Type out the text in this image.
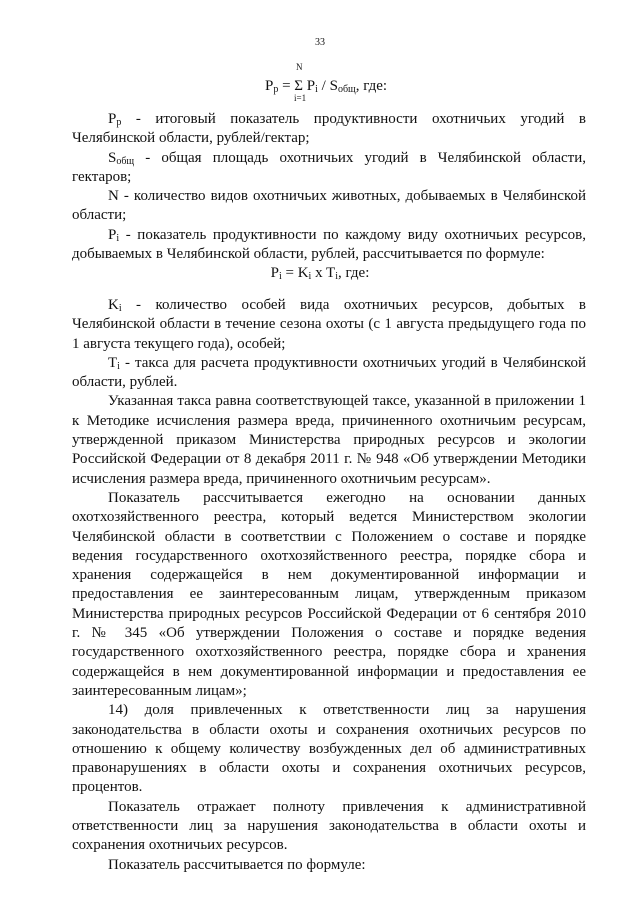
33
N
$P_p = \Sigma$ $P_i / S_{общ}$, где:
i=1

$P_p$ - итоговый показатель продуктивности охотничьих угодий в Челябинской области, рублей/гектар;

$S_{общ}$ - общая площадь охотничьих угодий в Челябинской области, гектаров;

N - количество видов охотничьих животных, добываемых в Челябинской области;

$P_i$ - показатель продуктивности по каждому виду охотничьих ресурсов, добываемых в Челябинской области, рублей, рассчитывается по формуле:

$P_i = K_i$ x $T_i$, где:

$K_i$ - количество особей вида охотничьих ресурсов, добытых в Челябинской области в течение сезона охоты (с 1 августа предыдущего года по 1 августа текущего года), особей;

$T_i$ - такса для расчета продуктивности охотничьих угодий в Челябинской области, рублей.

Указанная такса равна соответствующей таксе, указанной в приложении 1 к Методике исчисления размера вреда, причиненного охотничьим ресурсам, утвержденной приказом Министерства природных ресурсов и экологии Российской Федерации от 8 декабря 2011 г. № 948 «Об утверждении Методики исчисления размера вреда, причиненного охотничьим ресурсам».

Показатель рассчитывается ежегодно на основании данных охотхозяйственного реестра, который ведется Министерством экологии Челябинской области в соответствии с Положением о составе и порядке ведения государственного охотхозяйственного реестра, порядке сбора и хранения содержащейся в нем документированной информации и предоставления ее заинтересованным лицам, утвержденным приказом Министерства природных ресурсов Российской Федерации от 6 сентября 2010 г. № 345 «Об утверждении Положения о составе и порядке ведения государственного охотхозяйственного реестра, порядке сбора и хранения содержащейся в нем документированной информации и предоставления ее заинтересованным лицам»;

14) доля привлеченных к ответственности лиц за нарушения законодательства в области охоты и сохранения охотничьих ресурсов по отношению к общему количеству возбужденных дел об административных правонарушениях в области охоты и сохранения охотничьих ресурсов, процентов.

Показатель отражает полноту привлечения к административной ответственности лиц за нарушения законодательства в области охоты и сохранения охотничьих ресурсов.

Показатель рассчитывается по формуле:
